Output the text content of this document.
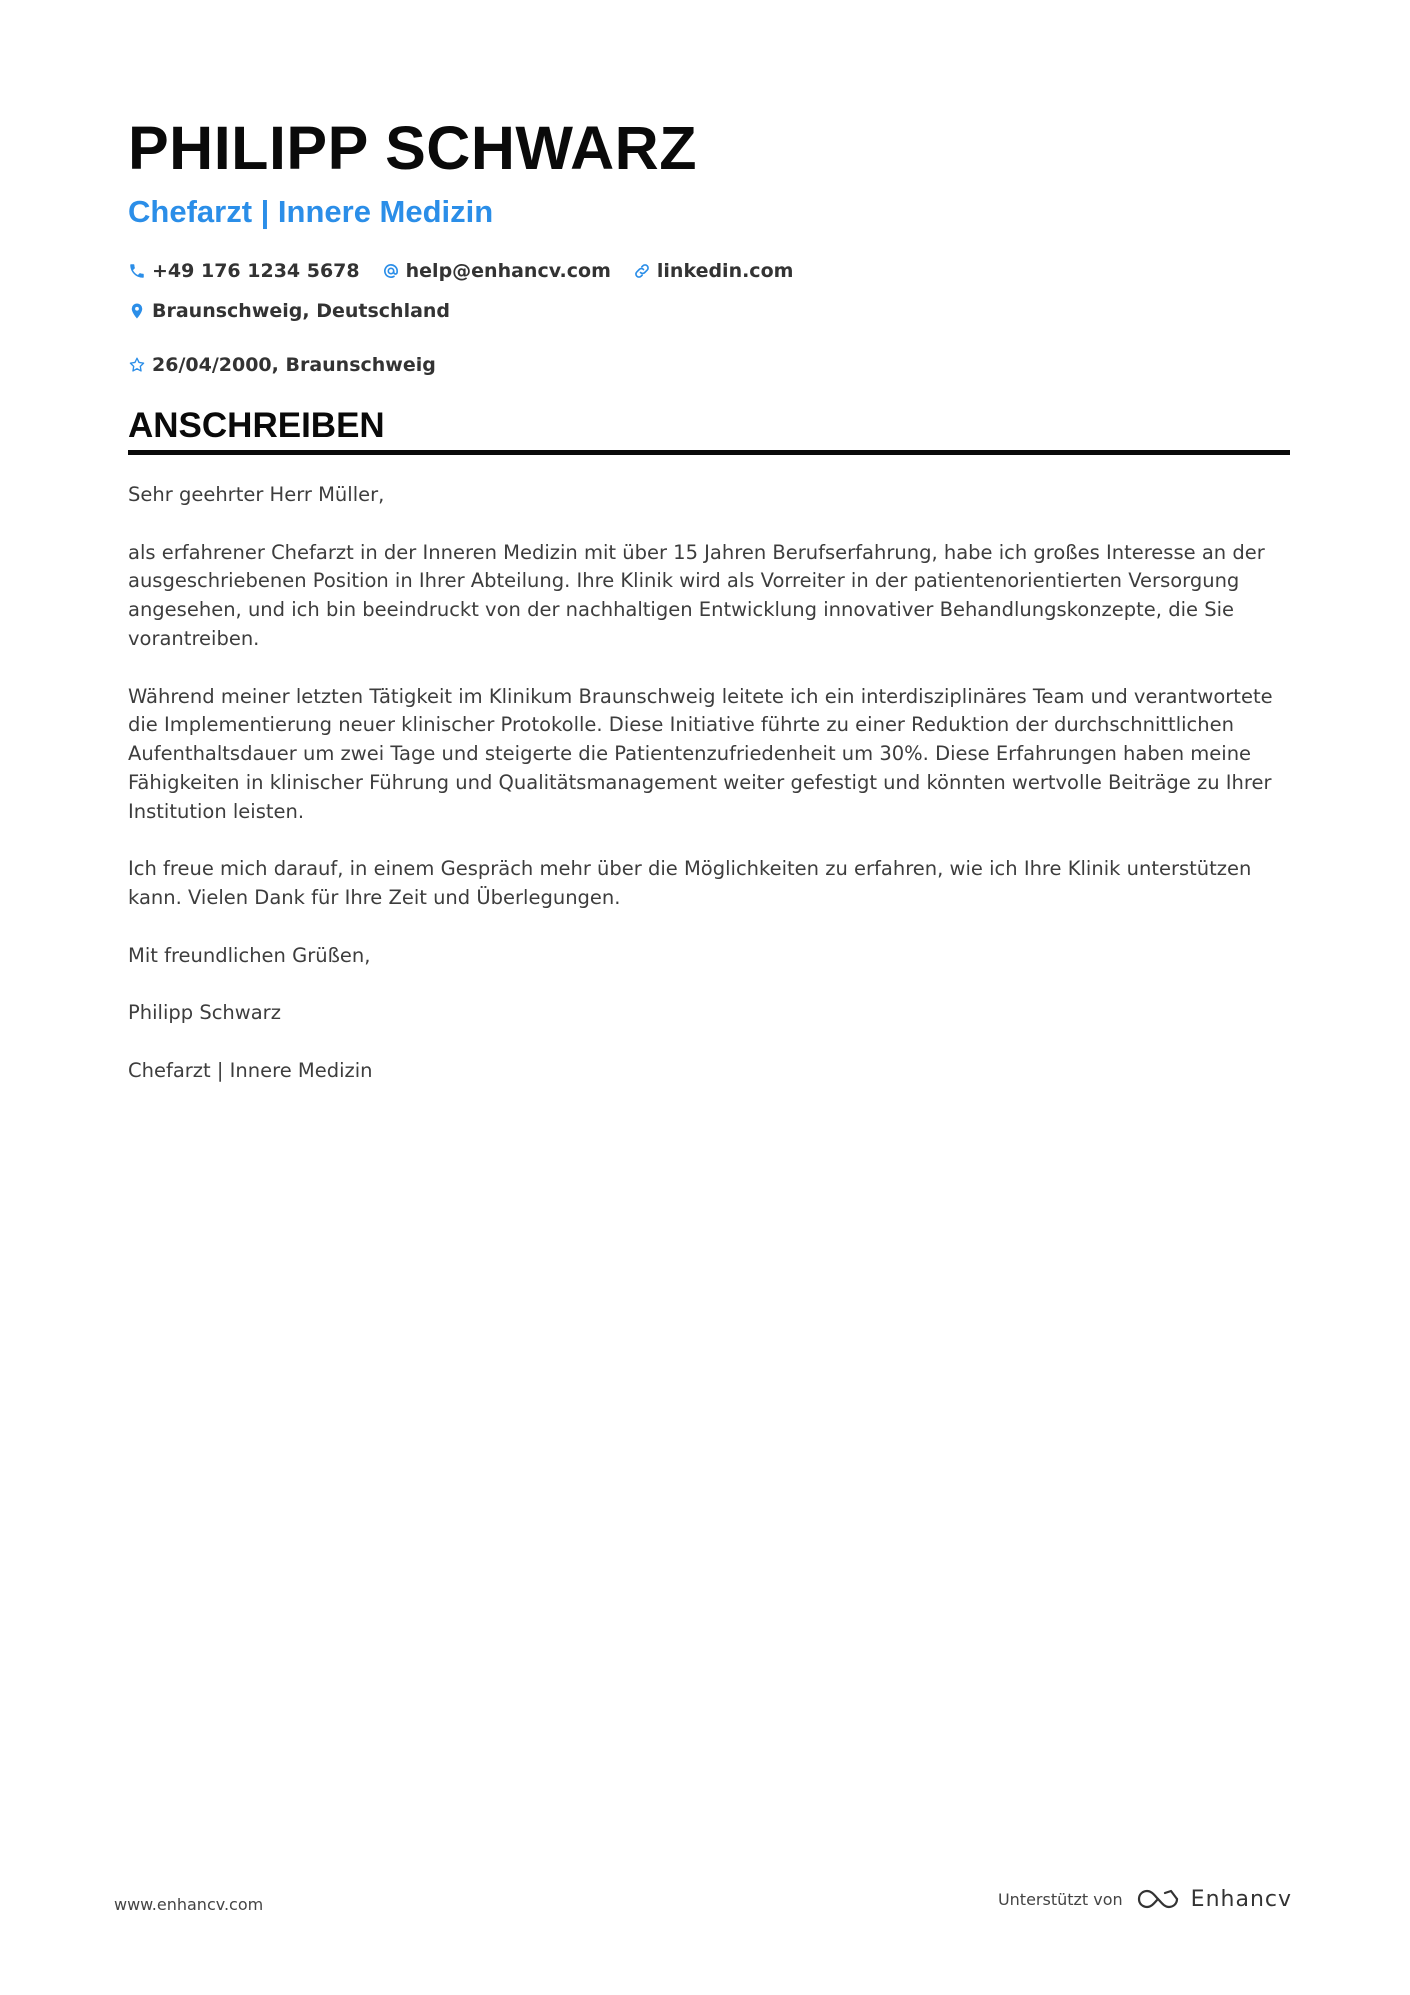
PHILIPP SCHWARZ
Chefarzt | Innere Medizin
+49 176 1234 5678 help@enhancv.com linkedin.com
Braunschweig, Deutschland
26/04/2000, Braunschweig
ANSCHREIBEN

Sehr geehrter Herr Müller,

als erfahrener Chefarzt in der Inneren Medizin mit über 15 Jahren Berufserfahrung, habe ich großes Interesse an der ausgeschriebenen Position in Ihrer Abteilung. Ihre Klinik wird als Vorreiter in der patientenorientierten Versorgung angesehen, und ich bin beeindruckt von der nachhaltigen Entwicklung innovativer Behandlungskonzepte, die Sie vorantreiben.

Während meiner letzten Tätigkeit im Klinikum Braunschweig leitete ich ein interdisziplinäres Team und verantwortete die Implementierung neuer klinischer Protokolle. Diese Initiative führte zu einer Reduktion der durchschnittlichen Aufenthaltsdauer um zwei Tage und steigerte die Patientenzufriedenheit um 30%. Diese Erfahrungen haben meine Fähigkeiten in klinischer Führung und Qualitätsmanagement weiter gefestigt und könnten wertvolle Beiträge zu Ihrer Institution leisten.

Ich freue mich darauf, in einem Gespräch mehr über die Möglichkeiten zu erfahren, wie ich Ihre Klinik unterstützen kann. Vielen Dank für Ihre Zeit und Überlegungen.

Mit freundlichen Grüßen,

Philipp Schwarz

Chefarzt | Innere Medizin

www.enhancv.com	Unterstützt von	Enhancv
